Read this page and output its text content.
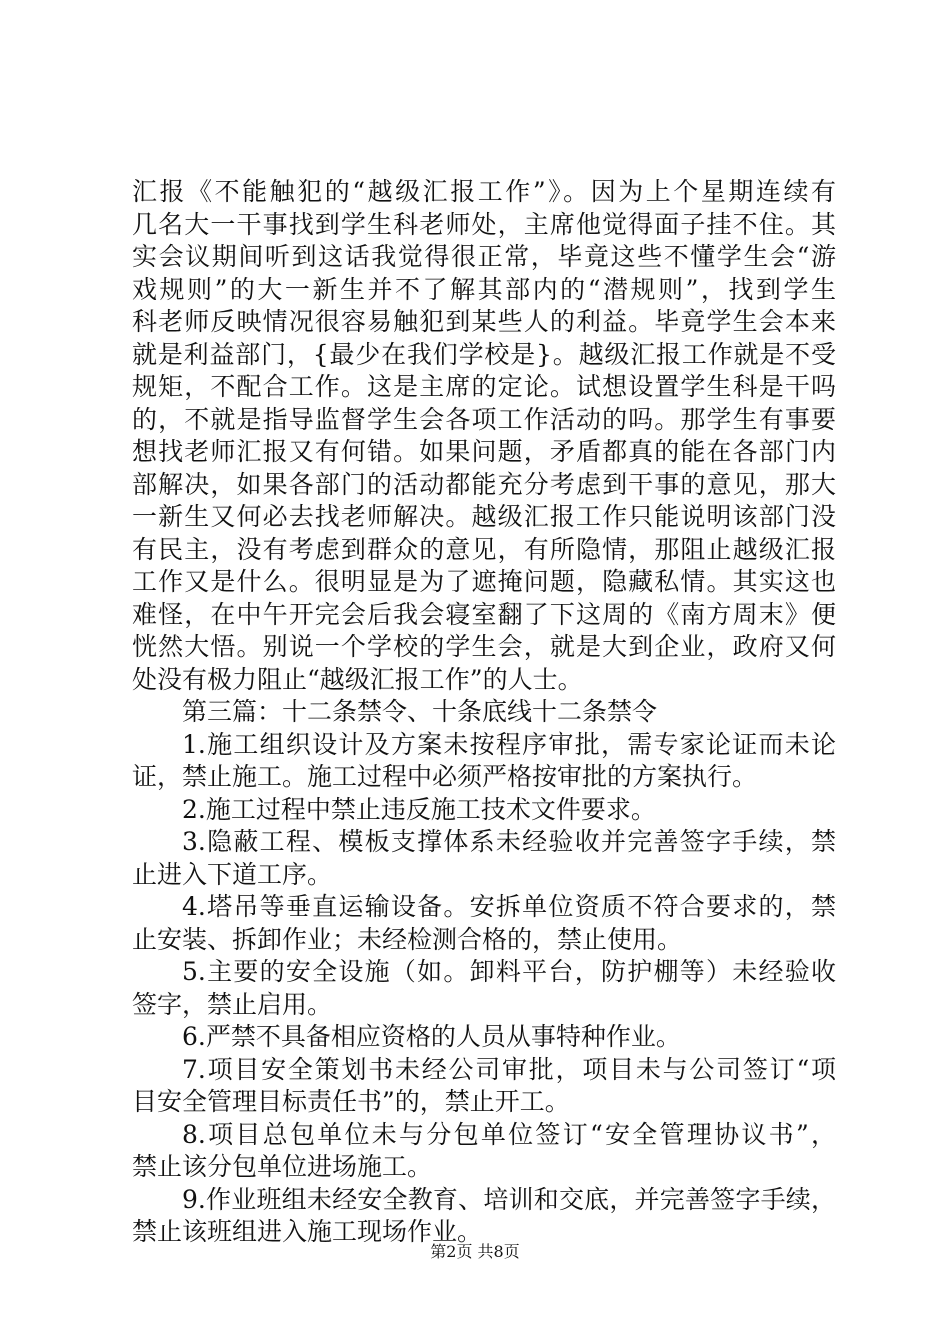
汇报《不能触犯的“越级汇报工作”》。因为上个星期连续有
几名大一干事找到学生科老师处，主席他觉得面子挂不住。其
实会议期间听到这话我觉得很正常，毕竟这些不懂学生会“游
戏规则”的大一新生并不了解其部内的“潜规则”，找到学生
科老师反映情况很容易触犯到某些人的利益。毕竟学生会本来
就是利益部门，{最少在我们学校是}。越级汇报工作就是不受
规矩，不配合工作。这是主席的定论。试想设置学生科是干吗
的，不就是指导监督学生会各项工作活动的吗。那学生有事要
想找老师汇报又有何错。如果问题，矛盾都真的能在各部门内
部解决，如果各部门的活动都能充分考虑到干事的意见，那大
一新生又何必去找老师解决。越级汇报工作只能说明该部门没
有民主，没有考虑到群众的意见，有所隐情，那阻止越级汇报
工作又是什么。很明显是为了遮掩问题，隐藏私情。其实这也
难怪，在中午开完会后我会寝室翻了下这周的《南方周末》便
恍然大悟。别说一个学校的学生会，就是大到企业，政府又何
处没有极力阻止“越级汇报工作”的人士。

第三篇：十二条禁令、十条底线十二条禁令

1.施工组织设计及方案未按程序审批，需专家论证而未论
证，禁止施工。施工过程中必须严格按审批的方案执行。

2.施工过程中禁止违反施工技术文件要求。

3.隐蔽工程、模板支撑体系未经验收并完善签字手续，禁
止进入下道工序。

4.塔吊等垂直运输设备。安拆单位资质不符合要求的，禁
止安装、拆卸作业；未经检测合格的，禁止使用。

5.主要的安全设施（如。卸料平台，防护棚等）未经验收
签字，禁止启用。

6.严禁不具备相应资格的人员从事特种作业。

7.项目安全策划书未经公司审批，项目未与公司签订“项
目安全管理目标责任书”的，禁止开工。

8.项目总包单位未与分包单位签订“安全管理协议书”，
禁止该分包单位进场施工。

9.作业班组未经安全教育、培训和交底，并完善签字手续，
禁止该班组进入施工现场作业。

第2页 共8页
